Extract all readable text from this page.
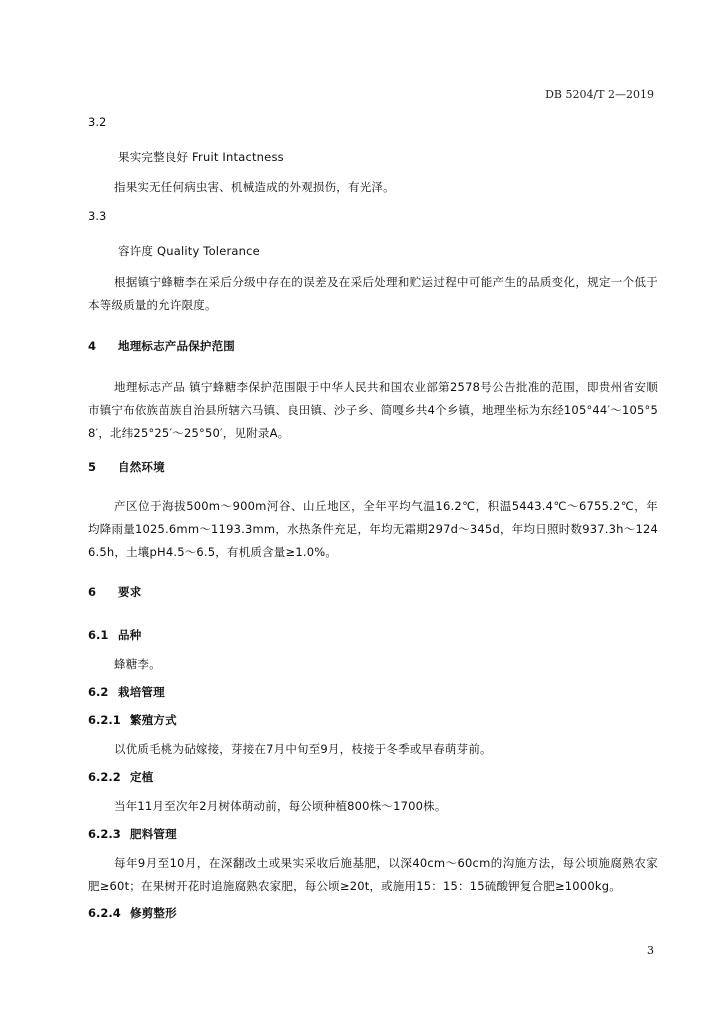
DB 5204/T 2—2019
3.2
果实完整良好 Fruit Intactness
指果实无任何病虫害、机械造成的外观损伤，有光泽。
3.3
容许度 Quality Tolerance
根据镇宁蜂糖李在采后分级中存在的误差及在采后处理和贮运过程中可能产生的品质变化，规定一个低于本等级质量的允许限度。
4 地理标志产品保护范围
地理标志产品 镇宁蜂糖李保护范围限于中华人民共和国农业部第2578号公告批准的范围，即贵州省安顺市镇宁布依族苗族自治县所辖六马镇、良田镇、沙子乡、简嘎乡共4个乡镇，地理坐标为东经105°44′～105°58′，北纬25°25′～25°50′，见附录A。
5 自然环境
产区位于海拔500m～900m河谷、山丘地区，全年平均气温16.2℃，积温5443.4℃～6755.2℃，年均降雨量1025.6mm～1193.3mm，水热条件充足，年均无霜期297d～345d，年均日照时数937.3h～1246.5h，土壤pH4.5～6.5，有机质含量≥1.0%。
6 要求
6.1 品种
蜂糖李。
6.2 栽培管理
6.2.1 繁殖方式
以优质毛桃为砧嫁接，芽接在7月中旬至9月，枝接于冬季或早春萌芽前。
6.2.2 定植
当年11月至次年2月树体萌动前，每公顷种植800株～1700株。
6.2.3 肥料管理
每年9月至10月，在深翻改土或果实采收后施基肥，以深40cm～60cm的沟施方法，每公顷施腐熟农家肥≥60t；在果树开花时追施腐熟农家肥，每公顷≥20t，或施用15：15：15硫酸钾复合肥≥1000kg。
6.2.4 修剪整形
3
